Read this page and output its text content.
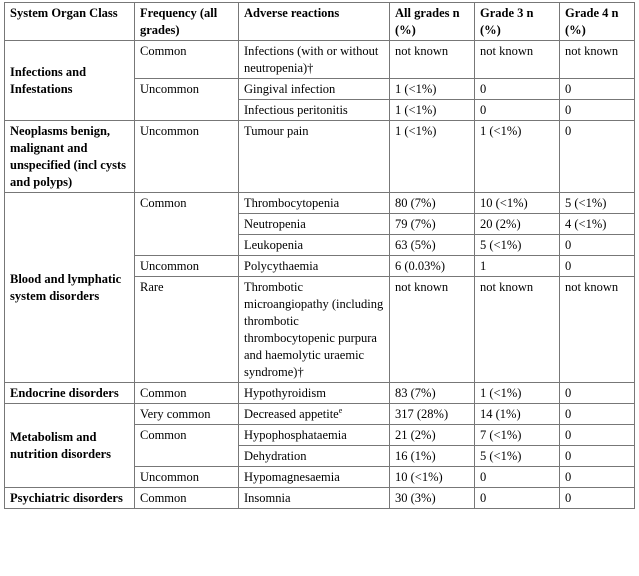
System Organ Class	Frequency (all grades)	Adverse reactions	All grades n (%)	Grade 3 n (%)	Grade 4 n (%)
Infections and Infestations	Common	Infections (with or without neutropenia)†	not known	not known	not known
	Uncommon	Gingival infection	1 (<1%)	0	0
		Infectious peritonitis	1 (<1%)	0	0
Neoplasms benign, malignant and unspecified (incl cysts and polyps)	Uncommon	Tumour pain	1 (<1%)	1 (<1%)	0
Blood and lymphatic system disorders	Common	Thrombocytopenia	80 (7%)	10 (<1%)	5 (<1%)
		Neutropenia	79 (7%)	20 (2%)	4 (<1%)
		Leukopenia	63 (5%)	5 (<1%)	0
	Uncommon	Polycythaemia	6 (0.03%)	1	0
	Rare	Thrombotic microangiopathy (including thrombotic thrombocytopenic purpura and haemolytic uraemic syndrome)†	not known	not known	not known
Endocrine disorders	Common	Hypothyroidism	83 (7%)	1 (<1%)	0
Metabolism and nutrition disorders	Very common	Decreased appetite$^e$	317 (28%)	14 (1%)	0
	Common	Hypophosphataemia	21 (2%)	7 (<1%)	0
		Dehydration	16 (1%)	5 (<1%)	0
	Uncommon	Hypomagnesaemia	10 (<1%)	0	0
Psychiatric disorders	Common	Insomnia	30 (3%)	0	0
